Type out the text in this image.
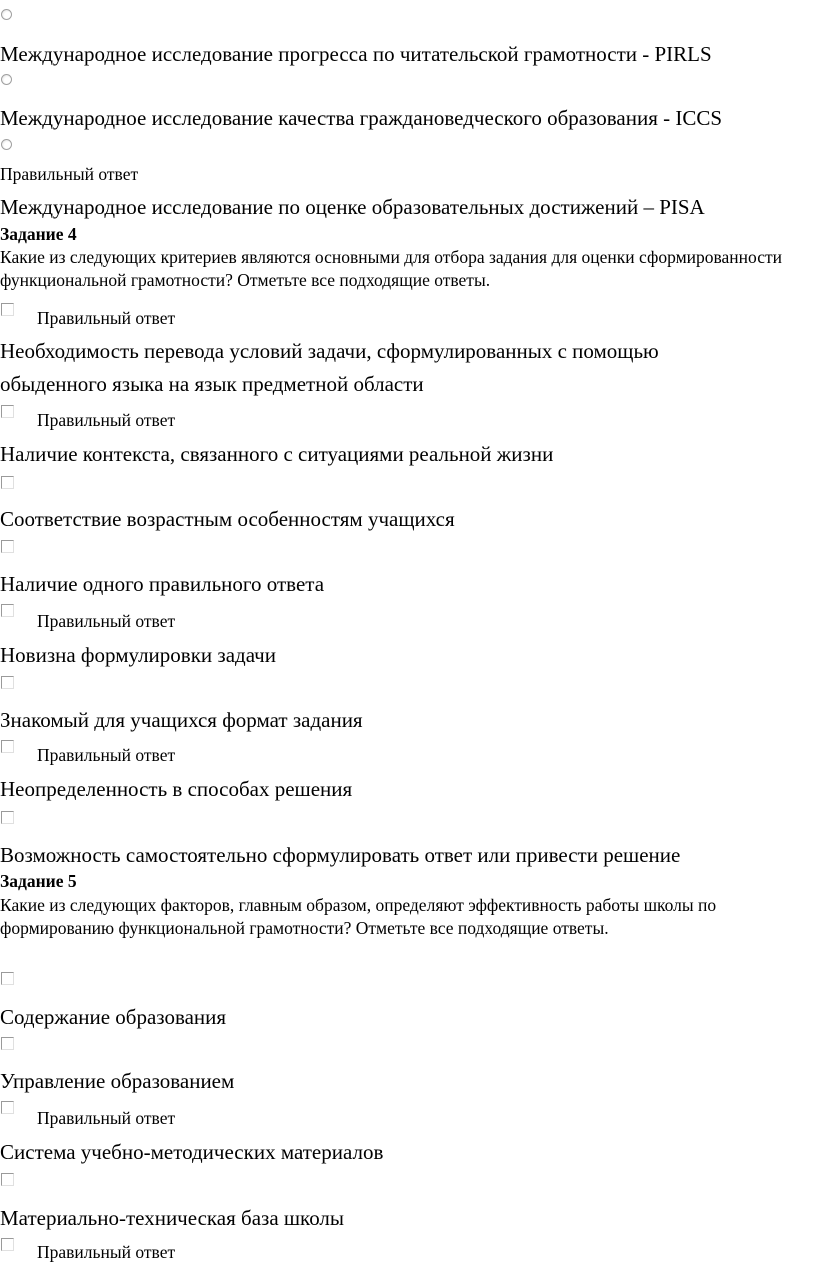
Международное исследование прогресса по читательской грамотности - PIRLS
Международное исследование качества граждановедческого образования - ICCS
Правильный ответ
Международное исследование по оценке образовательных достижений – PISA
Задание 4
Какие из следующих критериев являются основными для отбора задания для оценки сформированности функциональной грамотности? Отметьте все подходящие ответы.
Правильный ответ
Необходимость перевода условий задачи, сформулированных с помощью
обыденного языка на язык предметной области
Правильный ответ
Наличие контекста, связанного с ситуациями реальной жизни
Соответствие возрастным особенностям учащихся
Наличие одного правильного ответа
Правильный ответ
Новизна формулировки задачи
Знакомый для учащихся формат задания
Правильный ответ
Неопределенность в способах решения
Возможность самостоятельно сформулировать ответ или привести решение
Задание 5
Какие из следующих факторов, главным образом, определяют эффективность работы школы по формированию функциональной грамотности? Отметьте все подходящие ответы.
Содержание образования
Управление образованием
Правильный ответ
Система учебно-методических материалов
Материально-техническая база школы
Правильный ответ
